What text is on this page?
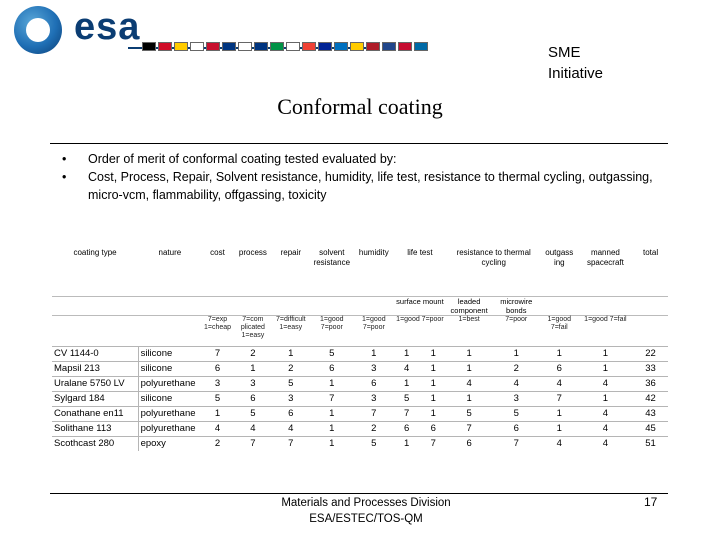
esa
SME
Initiative
Conformal coating
•	Order of merit of conformal coating tested evaluated by:
•	Cost, Process, Repair, Solvent resistance, humidity, life test, resistance to thermal cycling, outgassing, micro-vcm, flammability, offgassing, toxicity
coating type	nature	cost	process	repair	solvent resistance	humidity	life test		resistance to thermal cycling		outgass ing	manned spacecraft	total
							surface mount		leaded component	microwire bonds			
		7=exp 1=cheap	7=com plicated 1=easy	7=difficult 1=easy	1=good 7=poor	1=good 7=poor	1=good 7=poor		1=best	7=poor	1=good 7=fail	1=good 7=fail	
CV 1144-0	silicone	7	2	1	5	1	1	1	1	1	1	1	22
Mapsil 213	silicone	6	1	2	6	3	4	1	1	2	6	1	33
Uralane 5750 LV	polyurethane	3	3	5	1	6	1	1	4	4	4	4	36
Sylgard 184	silicone	5	6	3	7	3	5	1	1	3	7	1	42
Conathane en11	polyurethane	1	5	6	1	7	7	1	5	5	1	4	43
Solithane 113	polyurethane	4	4	4	1	2	6	6	7	6	1	4	45
Scothcast 280	epoxy	2	7	7	1	5	1	7	6	7	4	4	51
Materials and Processes Division
ESA/ESTEC/TOS-QM
17
